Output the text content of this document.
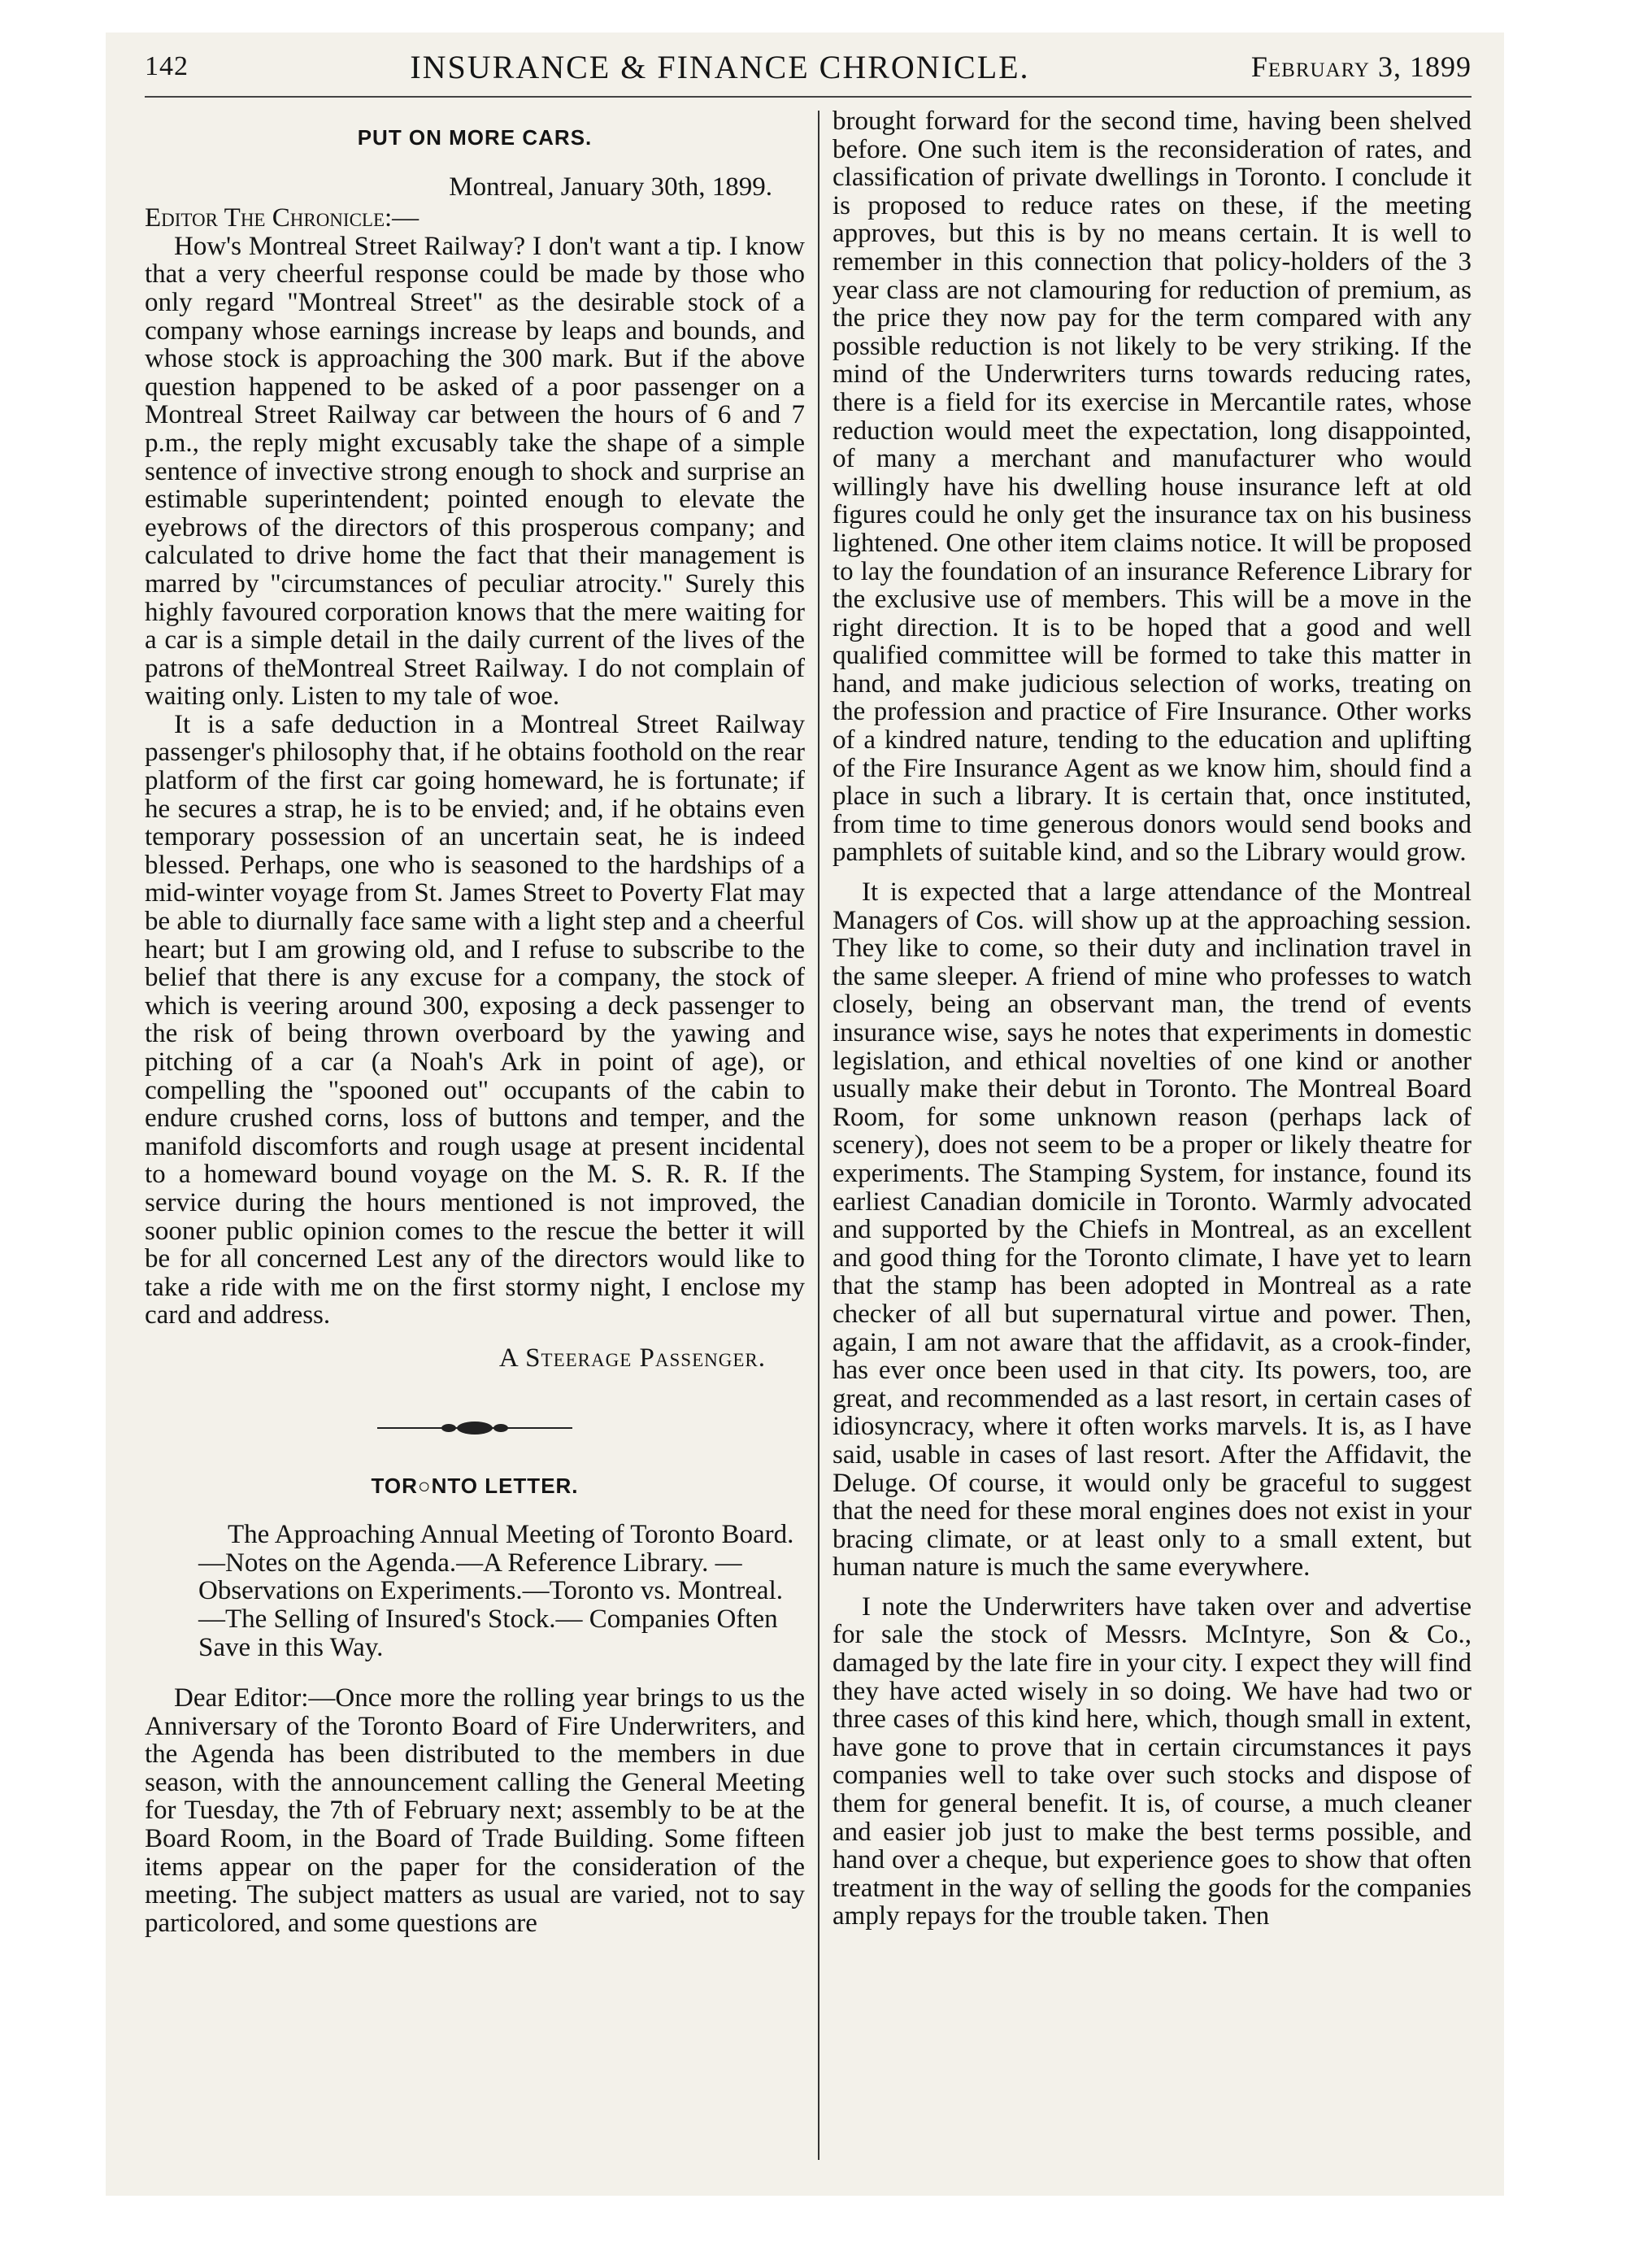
142	INSURANCE & FINANCE CHRONICLE.	February 3, 1899
PUT ON MORE CARS.

Montreal, January 30th, 1899.

Editor The Chronicle:—

How's Montreal Street Railway? I don't want a tip. I know that a very cheerful response could be made by those who only regard "Montreal Street" as the desirable stock of a company whose earnings increase by leaps and bounds, and whose stock is approaching the 300 mark. But if the above question happened to be asked of a poor passenger on a Montreal Street Railway car between the hours of 6 and 7 p.m., the reply might excusably take the shape of a simple sentence of invective strong enough to shock and surprise an estimable superintendent; pointed enough to elevate the eyebrows of the directors of this prosperous company; and calculated to drive home the fact that their management is marred by "circumstances of peculiar atrocity." Surely this highly favoured corporation knows that the mere waiting for a car is a simple detail in the daily current of the lives of the patrons of theMontreal Street Railway. I do not complain of waiting only. Listen to my tale of woe.

It is a safe deduction in a Montreal Street Railway passenger's philosophy that, if he obtains foothold on the rear platform of the first car going homeward, he is fortunate; if he secures a strap, he is to be envied; and, if he obtains even temporary possession of an uncertain seat, he is indeed blessed. Perhaps, one who is seasoned to the hardships of a mid-winter voyage from St. James Street to Poverty Flat may be able to diurnally face same with a light step and a cheerful heart; but I am growing old, and I refuse to subscribe to the belief that there is any excuse for a company, the stock of which is veering around 300, exposing a deck passenger to the risk of being thrown overboard by the yawing and pitching of a car (a Noah's Ark in point of age), or compelling the "spooned out" occupants of the cabin to endure crushed corns, loss of buttons and temper, and the manifold discomforts and rough usage at present incidental to a homeward bound voyage on the M. S. R. R. If the service during the hours mentioned is not improved, the sooner public opinion comes to the rescue the better it will be for all concerned Lest any of the directors would like to take a ride with me on the first stormy night, I enclose my card and address.

A Steerage Passenger.

TOR○NTO LETTER.

The Approaching Annual Meeting of Toronto Board. —Notes on the Agenda.—A Reference Library. —Observations on Experiments.—Toronto vs. Montreal.—The Selling of Insured's Stock.— Companies Often Save in this Way.

Dear Editor:—Once more the rolling year brings to us the Anniversary of the Toronto Board of Fire Underwriters, and the Agenda has been distributed to the members in due season, with the announcement calling the General Meeting for Tuesday, the 7th of February next; assembly to be at the Board Room, in the Board of Trade Building. Some fifteen items appear on the paper for the consideration of the meeting. The subject matters as usual are varied, not to say particolored, and some questions are

brought forward for the second time, having been shelved before. One such item is the reconsideration of rates, and classification of private dwellings in Toronto. I conclude it is proposed to reduce rates on these, if the meeting approves, but this is by no means certain. It is well to remember in this connection that policy-holders of the 3 year class are not clamouring for reduction of premium, as the price they now pay for the term compared with any possible reduction is not likely to be very striking. If the mind of the Underwriters turns towards reducing rates, there is a field for its exercise in Mercantile rates, whose reduction would meet the expectation, long disappointed, of many a merchant and manufacturer who would willingly have his dwelling house insurance left at old figures could he only get the insurance tax on his business lightened. One other item claims notice. It will be proposed to lay the foundation of an insurance Reference Library for the exclusive use of members. This will be a move in the right direction. It is to be hoped that a good and well qualified committee will be formed to take this matter in hand, and make judicious selection of works, treating on the profession and practice of Fire Insurance. Other works of a kindred nature, tending to the education and uplifting of the Fire Insurance Agent as we know him, should find a place in such a library. It is certain that, once instituted, from time to time generous donors would send books and pamphlets of suitable kind, and so the Library would grow.

It is expected that a large attendance of the Montreal Managers of Cos. will show up at the approaching session. They like to come, so their duty and inclination travel in the same sleeper. A friend of mine who professes to watch closely, being an observant man, the trend of events insurance wise, says he notes that experiments in domestic legislation, and ethical novelties of one kind or another usually make their debut in Toronto. The Montreal Board Room, for some unknown reason (perhaps lack of scenery), does not seem to be a proper or likely theatre for experiments. The Stamping System, for instance, found its earliest Canadian domicile in Toronto. Warmly advocated and supported by the Chiefs in Montreal, as an excellent and good thing for the Toronto climate, I have yet to learn that the stamp has been adopted in Montreal as a rate checker of all but supernatural virtue and power. Then, again, I am not aware that the affidavit, as a crook-finder, has ever once been used in that city. Its powers, too, are great, and recommended as a last resort, in certain cases of idiosyncracy, where it often works marvels. It is, as I have said, usable in cases of last resort. After the Affidavit, the Deluge. Of course, it would only be graceful to suggest that the need for these moral engines does not exist in your bracing climate, or at least only to a small extent, but human nature is much the same everywhere.

I note the Underwriters have taken over and advertise for sale the stock of Messrs. McIntyre, Son & Co., damaged by the late fire in your city. I expect they will find they have acted wisely in so doing. We have had two or three cases of this kind here, which, though small in extent, have gone to prove that in certain circumstances it pays companies well to take over such stocks and dispose of them for general benefit. It is, of course, a much cleaner and easier job just to make the best terms possible, and hand over a cheque, but experience goes to show that often treatment in the way of selling the goods for the companies amply repays for the trouble taken. Then
